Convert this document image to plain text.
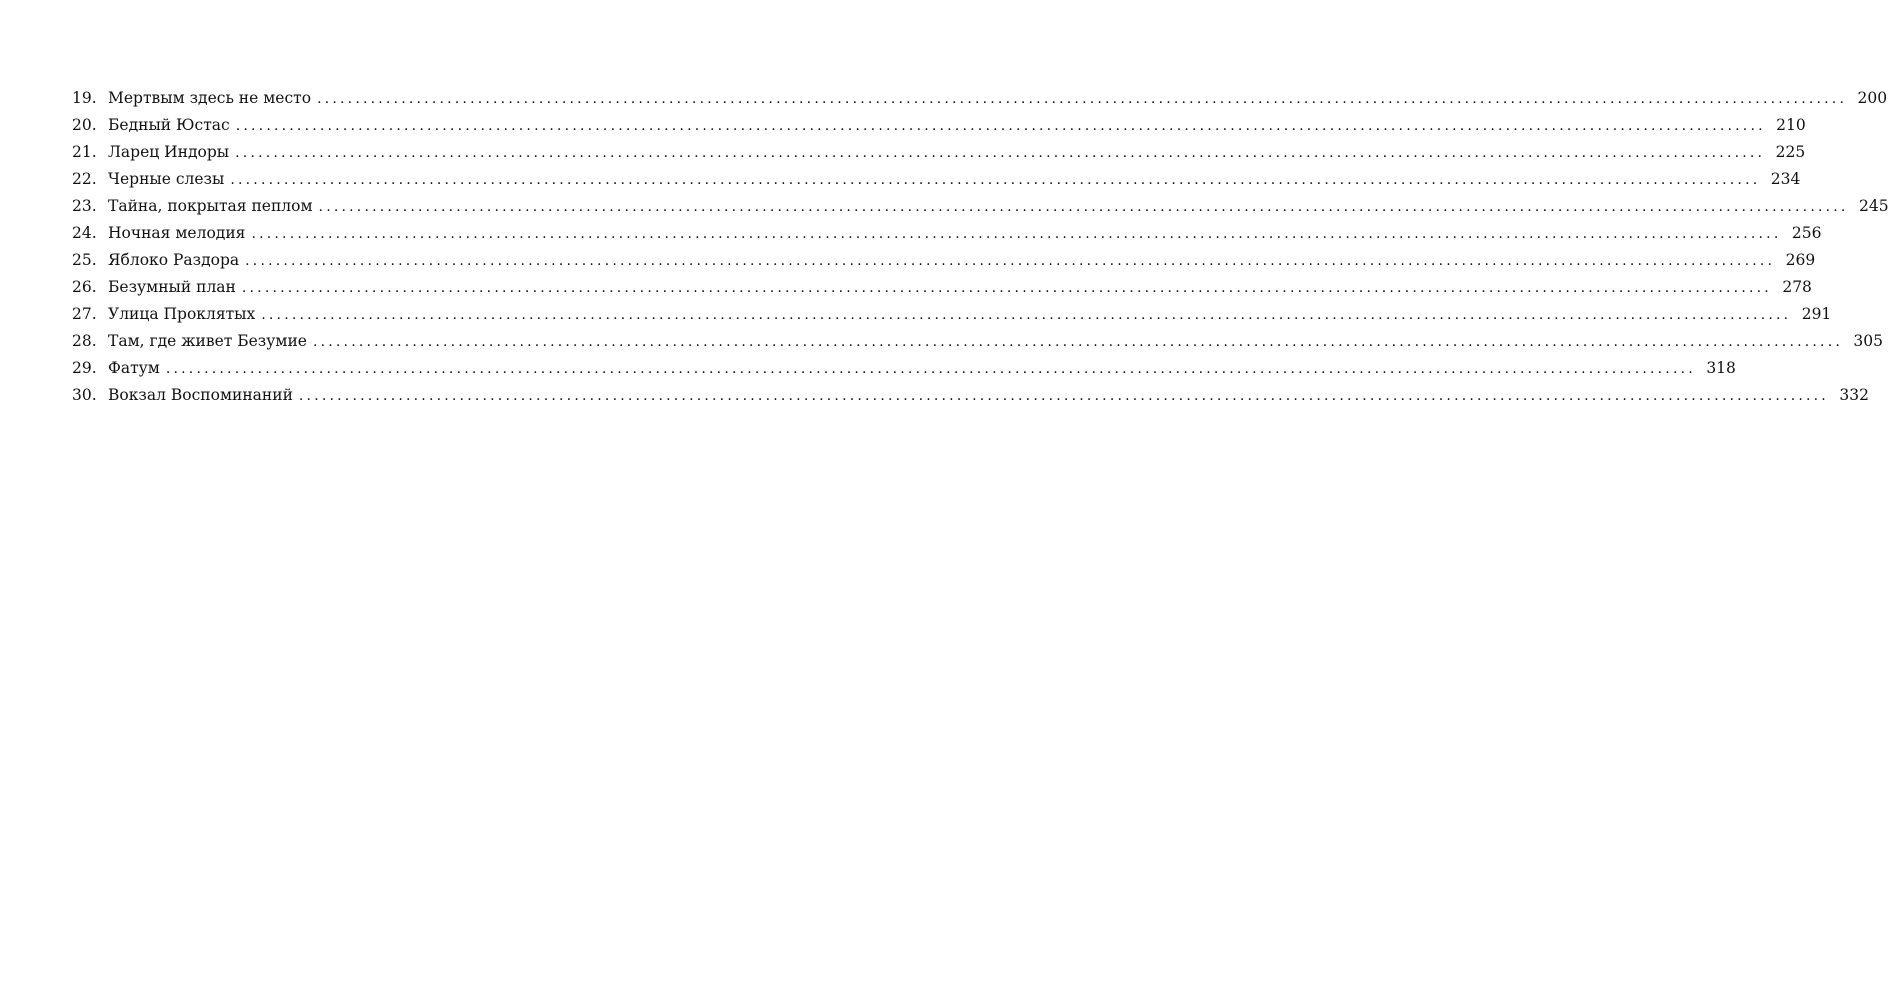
19. Мертвым здесь не место ........................................................................................................................................................................................................ 200
20. Бедный Юстас ........................................................................................................................................................................................................ 210
21. Ларец Индоры ........................................................................................................................................................................................................ 225
22. Черные слезы ........................................................................................................................................................................................................ 234
23. Тайна, покрытая пеплом ........................................................................................................................................................................................................ 245
24. Ночная мелодия ........................................................................................................................................................................................................ 256
25. Яблоко Раздора ........................................................................................................................................................................................................ 269
26. Безумный план ........................................................................................................................................................................................................ 278
27. Улица Проклятых ........................................................................................................................................................................................................ 291
28. Там, где живет Безумие ........................................................................................................................................................................................................ 305
29. Фатум ........................................................................................................................................................................................................ 318
30. Вокзал Воспоминаний ........................................................................................................................................................................................................ 332
